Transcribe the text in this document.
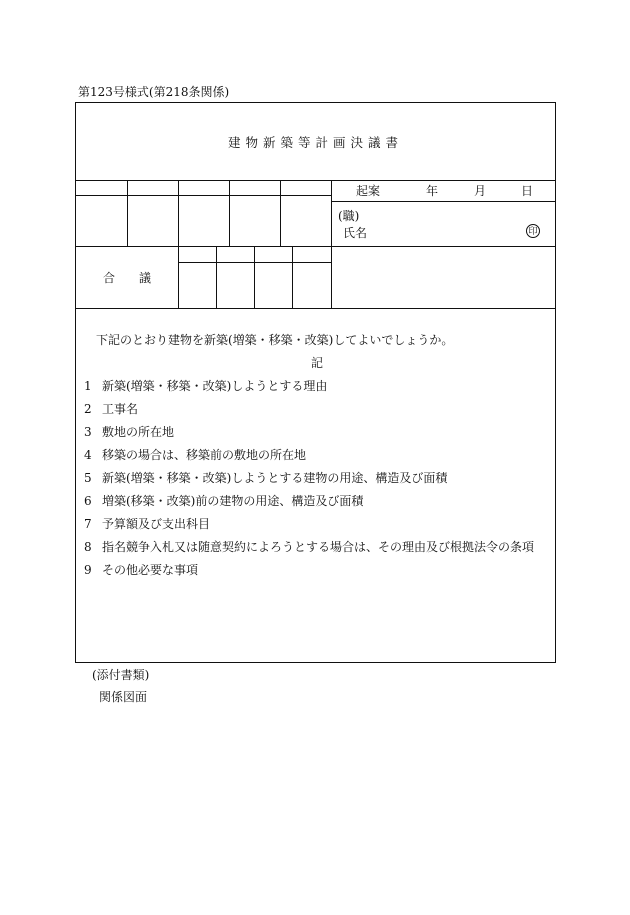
第123号様式(第218条関係)
建物新築等計画決議書
起案	年	月	日
(職)
氏名	印
合　　議
下記のとおり建物を新築(増築・移築・改築)してよいでしょうか。
記
1 新築(増築・移築・改築)しようとする理由
2 工事名
3 敷地の所在地
4 移築の場合は、移築前の敷地の所在地
5 新築(増築・移築・改築)しようとする建物の用途、構造及び面積
6 増築(移築・改築)前の建物の用途、構造及び面積
7 予算額及び支出科目
8 指名競争入札又は随意契約によろうとする場合は、その理由及び根拠法令の条項
9 その他必要な事項
(添付書類)
関係図面
